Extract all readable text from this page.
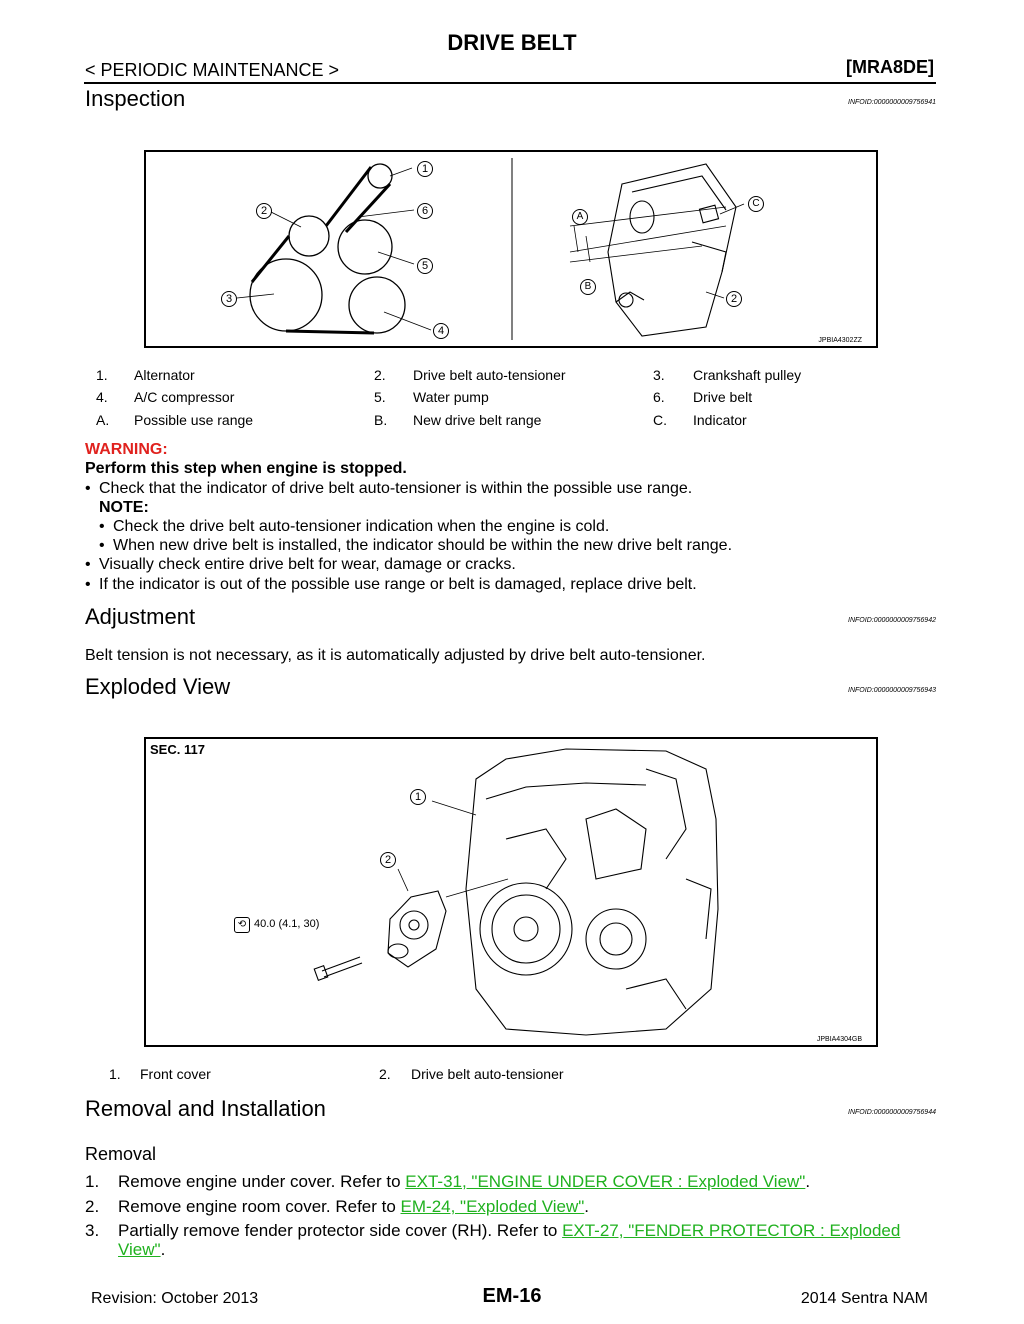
DRIVE BELT
< PERIODIC MAINTENANCE >	[MRA8DE]
Inspection	INFOID:0000000009756941
1
2
3
4
5
6	A
B
C
2
JPBIA4302ZZ
1. Alternator	2. Drive belt auto-tensioner	3. Crankshaft pulley
4. A/C compressor	5. Water pump	6. Drive belt
A. Possible use range	B. New drive belt range	C. Indicator
WARNING:
Perform this step when engine is stopped.
• Check that the indicator of drive belt auto-tensioner is within the possible use range.
NOTE:
• Check the drive belt auto-tensioner indication when the engine is cold.
• When new drive belt is installed, the indicator should be within the new drive belt range.
• Visually check entire drive belt for wear, damage or cracks.
• If the indicator is out of the possible use range or belt is damaged, replace drive belt.
Adjustment	INFOID:0000000009756942
Belt tension is not necessary, as it is automatically adjusted by drive belt auto-tensioner.
Exploded View	INFOID:0000000009756943
SEC. 117
1
2
⟲ 40.0 (4.1, 30)
JPBIA4304GB
1. Front cover	2. Drive belt auto-tensioner
Removal and Installation	INFOID:0000000009756944
Removal
1. Remove engine under cover. Refer to EXT-31, "ENGINE UNDER COVER : Exploded View".
2. Remove engine room cover. Refer to EM-24, "Exploded View".
3. Partially remove fender protector side cover (RH). Refer to EXT-27, "FENDER PROTECTOR : Exploded
View".
Revision: October 2013	EM-16	2014 Sentra NAM
